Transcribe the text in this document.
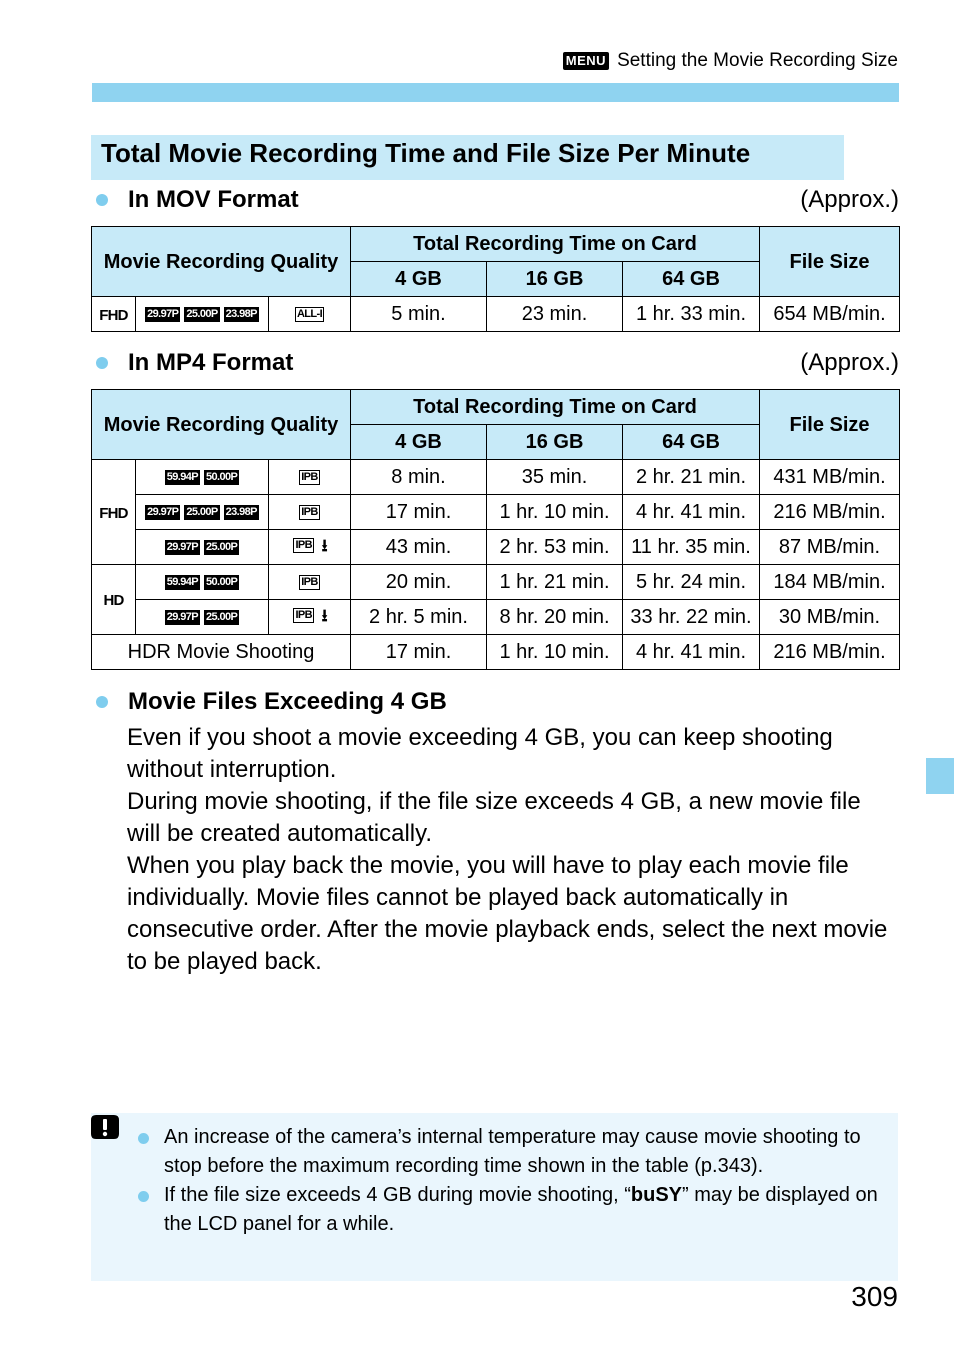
MENU Setting the Movie Recording Size
Total Movie Recording Time and File Size Per Minute
In MOV Format	(Approx.)
Movie Recording Quality			Total Recording Time on Card			File Size
			4 GB	16 GB	64 GB	
FHD	29.97P 25.00P 23.98P	ALL-I	5 min.	23 min.	1 hr. 33 min.	654 MB/min.
In MP4 Format	(Approx.)
Movie Recording Quality			Total Recording Time on Card			File Size
			4 GB	16 GB	64 GB	
FHD	59.94P 50.00P	IPB	8 min.	35 min.	2 hr. 21 min.	431 MB/min.
	29.97P 25.00P 23.98P	IPB	17 min.	1 hr. 10 min.	4 hr. 41 min.	216 MB/min.
	29.97P 25.00P	IPB ⭳	43 min.	2 hr. 53 min.	11 hr. 35 min.	87 MB/min.
HD	59.94P 50.00P	IPB	20 min.	1 hr. 21 min.	5 hr. 24 min.	184 MB/min.
	29.97P 25.00P	IPB ⭳	2 hr. 5 min.	8 hr. 20 min.	33 hr. 22 min.	30 MB/min.
HDR Movie Shooting			17 min.	1 hr. 10 min.	4 hr. 41 min.	216 MB/min.
Movie Files Exceeding 4 GB

Even if you shoot a movie exceeding 4 GB, you can keep shooting without interruption.

During movie shooting, if the file size exceeds 4 GB, a new movie file will be created automatically.

When you play back the movie, you will have to play each movie file individually. Movie files cannot be played back automatically in consecutive order. After the movie playback ends, select the next movie to be played back.

An increase of the camera’s internal temperature may cause movie shooting to stop before the maximum recording time shown in the table (p.343).
If the file size exceeds 4 GB during movie shooting, “buSY” may be displayed on the LCD panel for a while.
309
